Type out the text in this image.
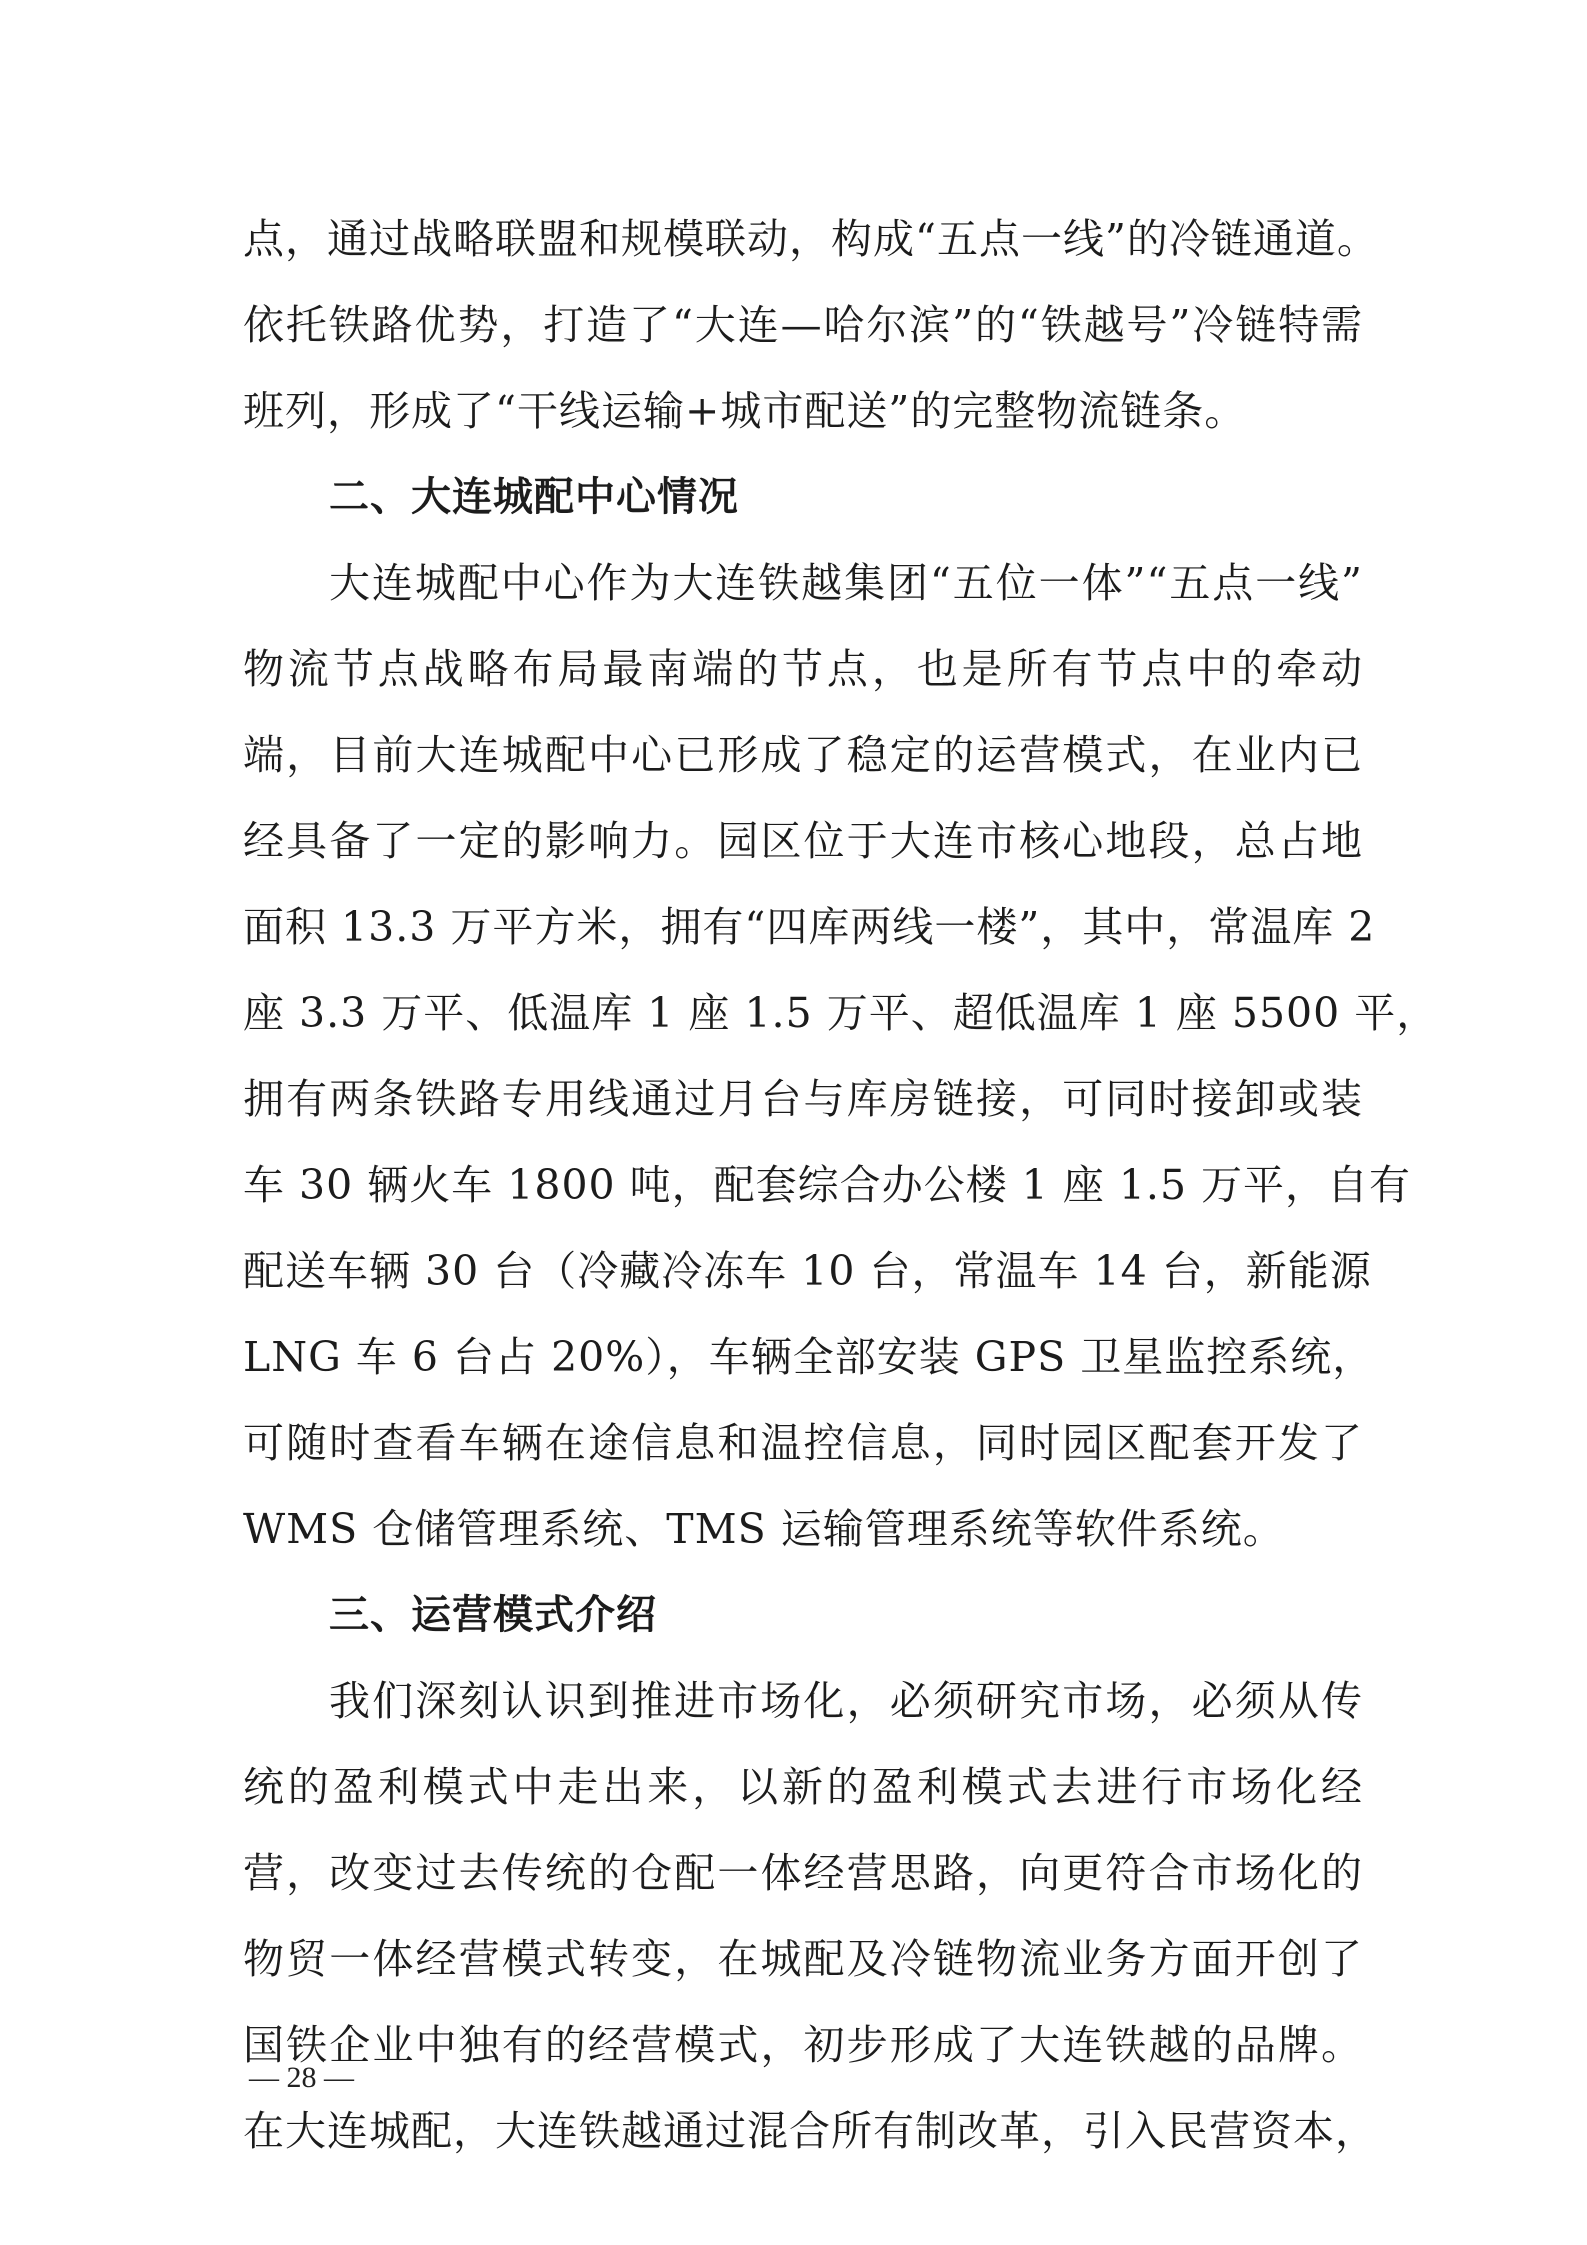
点，通过战略联盟和规模联动，构成“五点一线”的冷链通道。
依托铁路优势，打造了“大连—哈尔滨”的“铁越号”冷链特需
班列，形成了“干线运输+城市配送”的完整物流链条。
二、大连城配中心情况
大连城配中心作为大连铁越集团“五位一体”“五点一线”
物流节点战略布局最南端的节点，也是所有节点中的牵动
端，目前大连城配中心已形成了稳定的运营模式，在业内已
经具备了一定的影响力。园区位于大连市核心地段，总占地
面积 13.3 万平方米，拥有“四库两线一楼”，其中，常温库 2
座 3.3 万平、低温库 1 座 1.5 万平、超低温库 1 座 5500 平，
拥有两条铁路专用线通过月台与库房链接，可同时接卸或装
车 30 辆火车 1800 吨，配套综合办公楼 1 座 1.5 万平，自有
配送车辆 30 台（冷藏冷冻车 10 台，常温车 14 台，新能源
LNG 车 6 台占 20%），车辆全部安装 GPS 卫星监控系统，
可随时查看车辆在途信息和温控信息，同时园区配套开发了
WMS 仓储管理系统、TMS 运输管理系统等软件系统。
三、运营模式介绍
我们深刻认识到推进市场化，必须研究市场，必须从传
统的盈利模式中走出来，以新的盈利模式去进行市场化经
营，改变过去传统的仓配一体经营思路，向更符合市场化的
物贸一体经营模式转变，在城配及冷链物流业务方面开创了
国铁企业中独有的经营模式，初步形成了大连铁越的品牌。
在大连城配，大连铁越通过混合所有制改革，引入民营资本，
— 28 —
